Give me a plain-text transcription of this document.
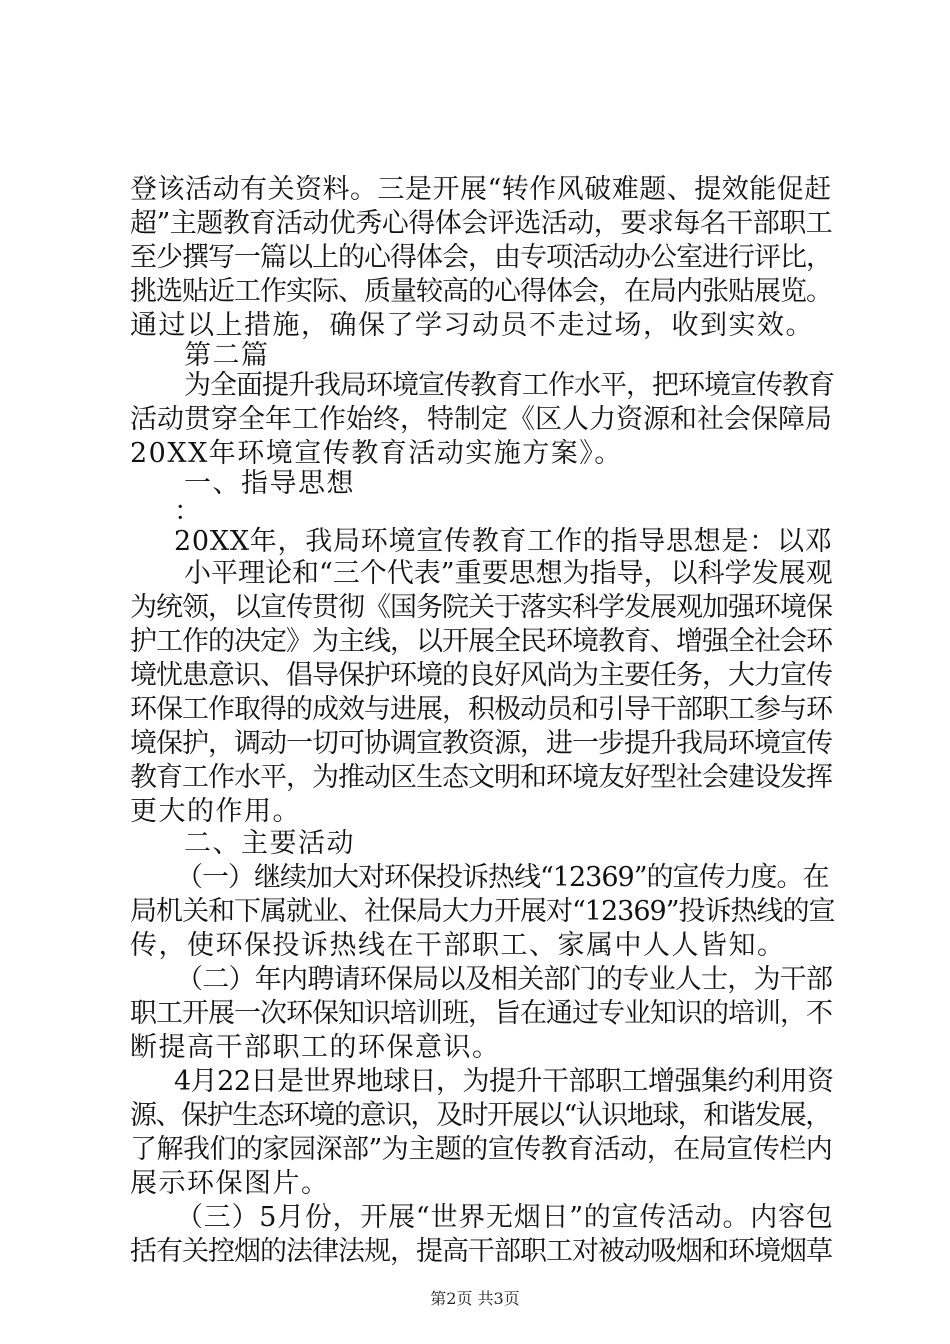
登该活动有关资料。三是开展“转作风破难题、提效能促赶
超”主题教育活动优秀心得体会评选活动，要求每名干部职工
至少撰写一篇以上的心得体会，由专项活动办公室进行评比，
挑选贴近工作实际、质量较高的心得体会，在局内张贴展览。
通过以上措施，确保了学习动员不走过场，收到实效。
第二篇
为全面提升我局环境宣传教育工作水平，把环境宣传教育
活动贯穿全年工作始终，特制定《区人力资源和社会保障局
20XX年环境宣传教育活动实施方案》。
一、指导思想
：
20XX年，我局环境宣传教育工作的指导思想是：以邓
小平理论和“三个代表”重要思想为指导，以科学发展观
为统领，以宣传贯彻《国务院关于落实科学发展观加强环境保
护工作的决定》为主线，以开展全民环境教育、增强全社会环
境忧患意识、倡导保护环境的良好风尚为主要任务，大力宣传
环保工作取得的成效与进展，积极动员和引导干部职工参与环
境保护，调动一切可协调宣教资源，进一步提升我局环境宣传
教育工作水平，为推动区生态文明和环境友好型社会建设发挥
更大的作用。
二、主要活动
（一）继续加大对环保投诉热线“12369”的宣传力度。在
局机关和下属就业、社保局大力开展对“12369”投诉热线的宣
传，使环保投诉热线在干部职工、家属中人人皆知。
（二）年内聘请环保局以及相关部门的专业人士，为干部
职工开展一次环保知识培训班，旨在通过专业知识的培训，不
断提高干部职工的环保意识。
4月22日是世界地球日，为提升干部职工增强集约利用资
源、保护生态环境的意识，及时开展以“认识地球，和谐发展，
了解我们的家园深部”为主题的宣传教育活动，在局宣传栏内
展示环保图片。
（三）5月份，开展“世界无烟日”的宣传活动。内容包
括有关控烟的法律法规，提高干部职工对被动吸烟和环境烟草
第2页 共3页
